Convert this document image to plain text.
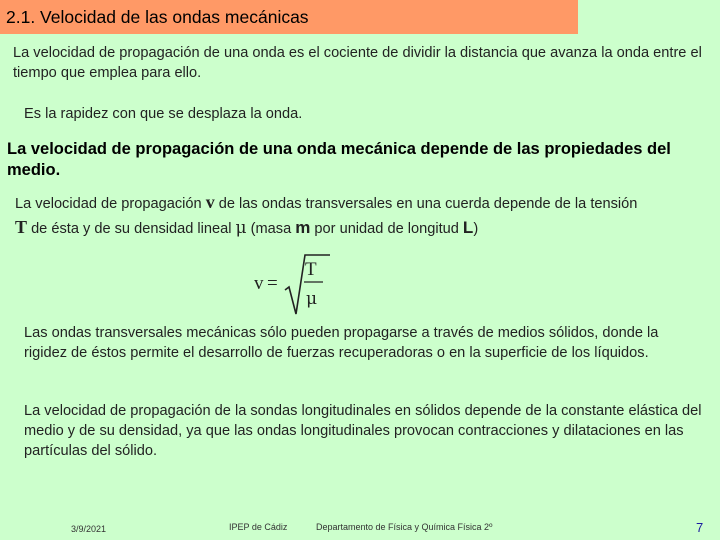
2.1. Velocidad de las ondas mecánicas
La velocidad de propagación de una onda es el cociente de dividir la distancia que avanza la onda entre el tiempo que emplea para ello.
Es la rapidez con que se desplaza la onda.
La velocidad de propagación de una onda mecánica depende de las propiedades del medio.
La velocidad de propagación v de las ondas transversales en una cuerda depende de la tensión
T de ésta y de su densidad lineal μ (masa m por unidad de longitud L)
v =
T
μ
Las ondas transversales mecánicas sólo pueden propagarse a través de medios sólidos, donde la rigidez de éstos permite el desarrollo de fuerzas recuperadoras o en la superficie de los líquidos.
La velocidad de propagación de la sondas longitudinales en sólidos depende de la constante elástica del medio y de su densidad, ya que las ondas longitudinales provocan contracciones y dilataciones en las partículas del sólido.
3/9/2021	IPEP de Cádiz	Departamento de Física y Química Física 2º	7
